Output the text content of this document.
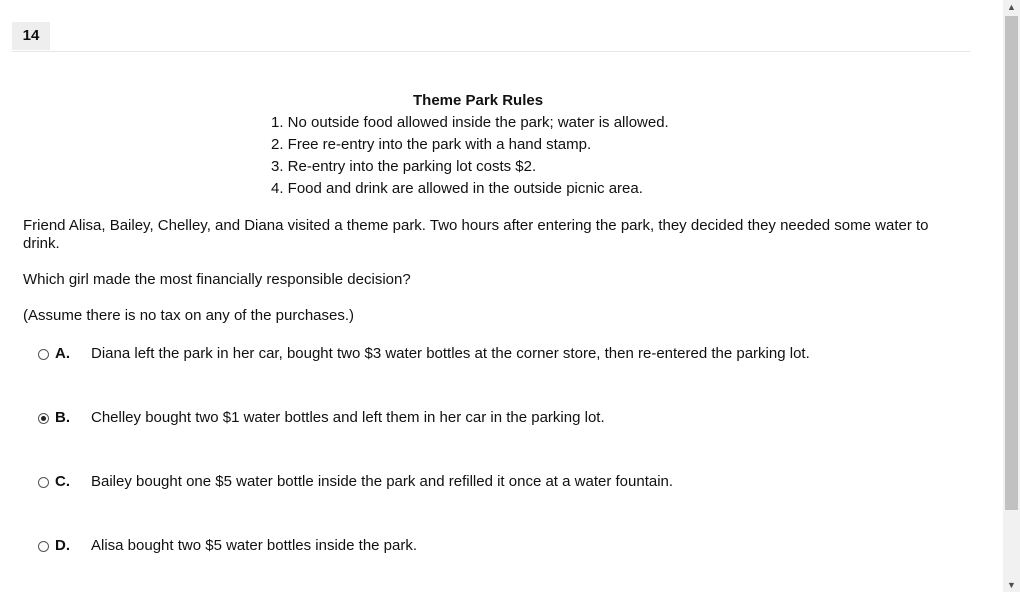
14
Theme Park Rules
1. No outside food allowed inside the park; water is allowed.
2. Free re-entry into the park with a hand stamp.
3. Re-entry into the parking lot costs $2.
4. Food and drink are allowed in the outside picnic area.
Friend Alisa, Bailey, Chelley, and Diana visited a theme park. Two hours after entering the park, they decided they needed some water to drink.
Which girl made the most financially responsible decision?
(Assume there is no tax on any of the purchases.)
A.	Diana left the park in her car, bought two $3 water bottles at the corner store, then re-entered the parking lot.
B.	Chelley bought two $1 water bottles and left them in her car in the parking lot.
C.	Bailey bought one $5 water bottle inside the park and refilled it once at a water fountain.
D.	Alisa bought two $5 water bottles inside the park.
▲
▼
